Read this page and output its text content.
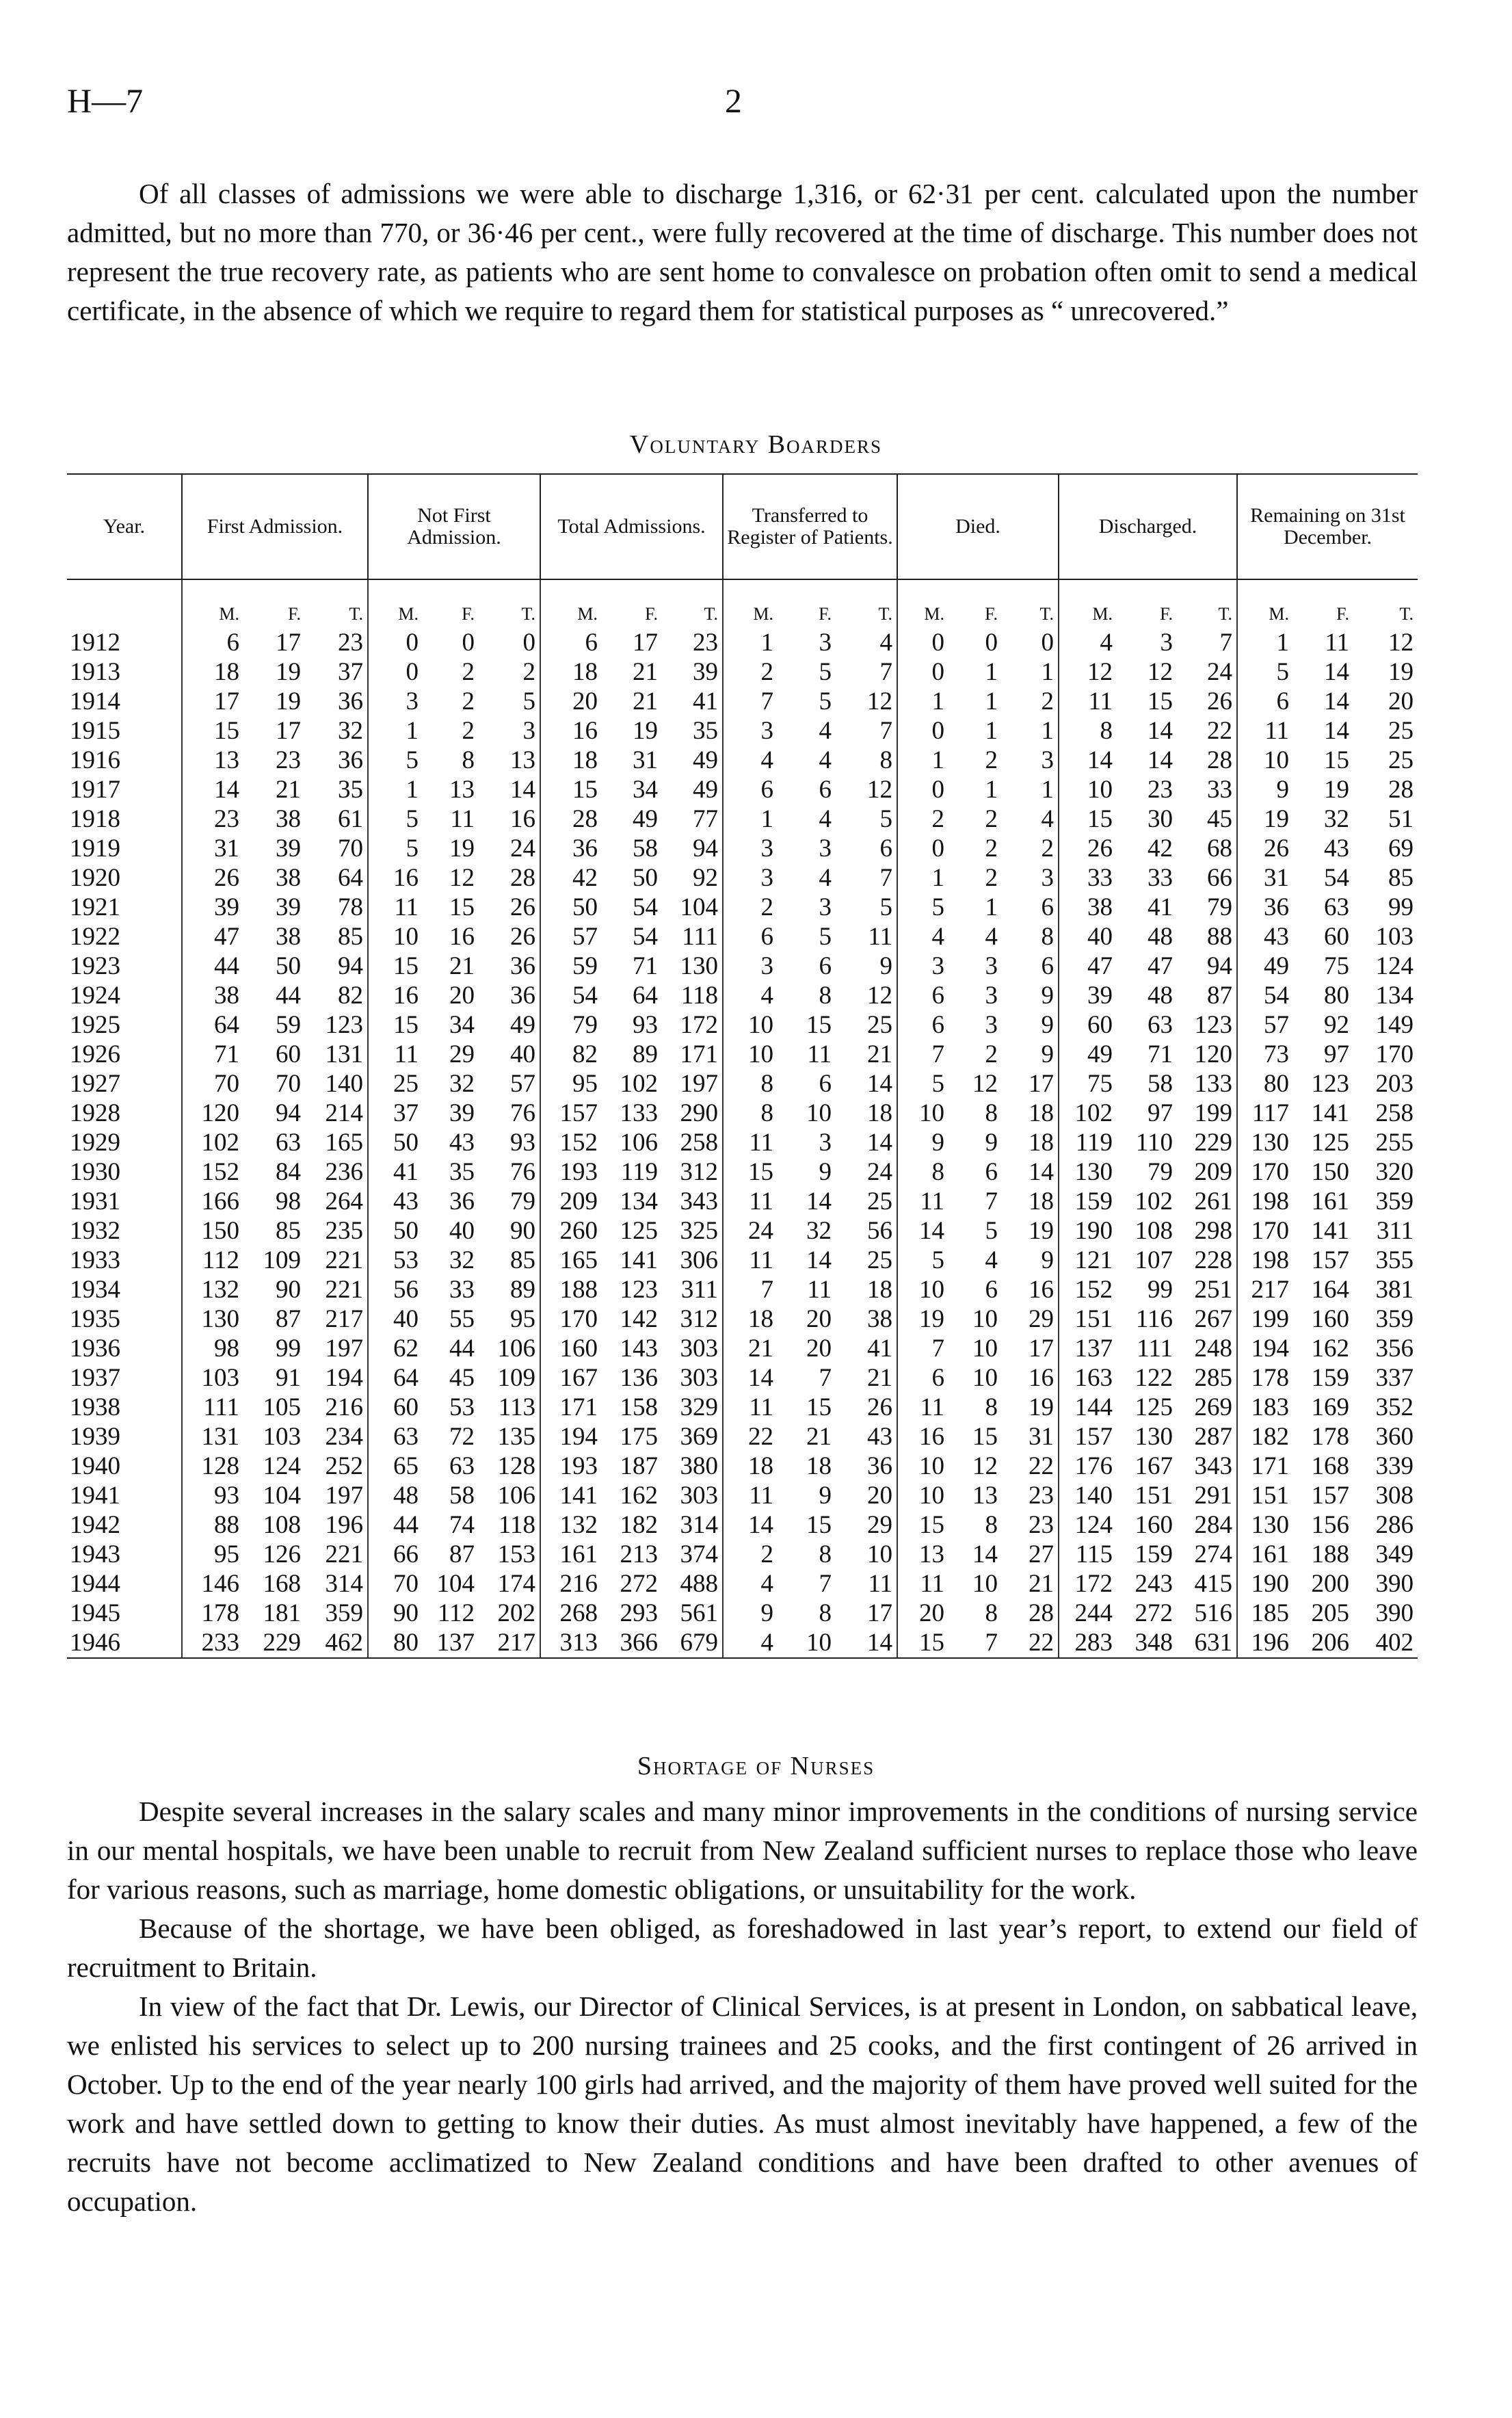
H—7	2

Of all classes of admissions we were able to discharge 1,316, or 62·31 per cent. calculated upon the number admitted, but no more than 770, or 36·46 per cent., were fully recovered at the time of discharge. This number does not represent the true recovery rate, as patients who are sent home to convalesce on probation often omit to send a medical certificate, in the absence of which we require to regard them for statistical purposes as “ unrecovered.”

Voluntary Boarders
Year.	First Admission.			Not First Admission.			Total Admissions.			Transferred to Register of Patients.			Died.			Discharged.			Remaining on 31st December.		
	M.	F.	T.	M.	F.	T.	M.	F.	T.	M.	F.	T.	M.	F.	T.	M.	F.	T.	M.	F.	T.
1912	6	17	23	0	0	0	6	17	23	1	3	4	0	0	0	4	3	7	1	11	12
1913	18	19	37	0	2	2	18	21	39	2	5	7	0	1	1	12	12	24	5	14	19
1914	17	19	36	3	2	5	20	21	41	7	5	12	1	1	2	11	15	26	6	14	20
1915	15	17	32	1	2	3	16	19	35	3	4	7	0	1	1	8	14	22	11	14	25
1916	13	23	36	5	8	13	18	31	49	4	4	8	1	2	3	14	14	28	10	15	25
1917	14	21	35	1	13	14	15	34	49	6	6	12	0	1	1	10	23	33	9	19	28
1918	23	38	61	5	11	16	28	49	77	1	4	5	2	2	4	15	30	45	19	32	51
1919	31	39	70	5	19	24	36	58	94	3	3	6	0	2	2	26	42	68	26	43	69
1920	26	38	64	16	12	28	42	50	92	3	4	7	1	2	3	33	33	66	31	54	85
1921	39	39	78	11	15	26	50	54	104	2	3	5	5	1	6	38	41	79	36	63	99
1922	47	38	85	10	16	26	57	54	111	6	5	11	4	4	8	40	48	88	43	60	103
1923	44	50	94	15	21	36	59	71	130	3	6	9	3	3	6	47	47	94	49	75	124
1924	38	44	82	16	20	36	54	64	118	4	8	12	6	3	9	39	48	87	54	80	134
1925	64	59	123	15	34	49	79	93	172	10	15	25	6	3	9	60	63	123	57	92	149
1926	71	60	131	11	29	40	82	89	171	10	11	21	7	2	9	49	71	120	73	97	170
1927	70	70	140	25	32	57	95	102	197	8	6	14	5	12	17	75	58	133	80	123	203
1928	120	94	214	37	39	76	157	133	290	8	10	18	10	8	18	102	97	199	117	141	258
1929	102	63	165	50	43	93	152	106	258	11	3	14	9	9	18	119	110	229	130	125	255
1930	152	84	236	41	35	76	193	119	312	15	9	24	8	6	14	130	79	209	170	150	320
1931	166	98	264	43	36	79	209	134	343	11	14	25	11	7	18	159	102	261	198	161	359
1932	150	85	235	50	40	90	260	125	325	24	32	56	14	5	19	190	108	298	170	141	311
1933	112	109	221	53	32	85	165	141	306	11	14	25	5	4	9	121	107	228	198	157	355
1934	132	90	221	56	33	89	188	123	311	7	11	18	10	6	16	152	99	251	217	164	381
1935	130	87	217	40	55	95	170	142	312	18	20	38	19	10	29	151	116	267	199	160	359
1936	98	99	197	62	44	106	160	143	303	21	20	41	7	10	17	137	111	248	194	162	356
1937	103	91	194	64	45	109	167	136	303	14	7	21	6	10	16	163	122	285	178	159	337
1938	111	105	216	60	53	113	171	158	329	11	15	26	11	8	19	144	125	269	183	169	352
1939	131	103	234	63	72	135	194	175	369	22	21	43	16	15	31	157	130	287	182	178	360
1940	128	124	252	65	63	128	193	187	380	18	18	36	10	12	22	176	167	343	171	168	339
1941	93	104	197	48	58	106	141	162	303	11	9	20	10	13	23	140	151	291	151	157	308
1942	88	108	196	44	74	118	132	182	314	14	15	29	15	8	23	124	160	284	130	156	286
1943	95	126	221	66	87	153	161	213	374	2	8	10	13	14	27	115	159	274	161	188	349
1944	146	168	314	70	104	174	216	272	488	4	7	11	11	10	21	172	243	415	190	200	390
1945	178	181	359	90	112	202	268	293	561	9	8	17	20	8	28	244	272	516	185	205	390
1946	233	229	462	80	137	217	313	366	679	4	10	14	15	7	22	283	348	631	196	206	402
Shortage of Nurses

Despite several increases in the salary scales and many minor improvements in the conditions of nursing service in our mental hospitals, we have been unable to recruit from New Zealand sufficient nurses to replace those who leave for various reasons, such as marriage, home domestic obligations, or unsuitability for the work.

Because of the shortage, we have been obliged, as foreshadowed in last year’s report, to extend our field of recruitment to Britain.

In view of the fact that Dr. Lewis, our Director of Clinical Services, is at present in London, on sabbatical leave, we enlisted his services to select up to 200 nursing trainees and 25 cooks, and the first contingent of 26 arrived in October. Up to the end of the year nearly 100 girls had arrived, and the majority of them have proved well suited for the work and have settled down to getting to know their duties. As must almost inevitably have happened, a few of the recruits have not become acclimatized to New Zealand conditions and have been drafted to other avenues of occupation.
